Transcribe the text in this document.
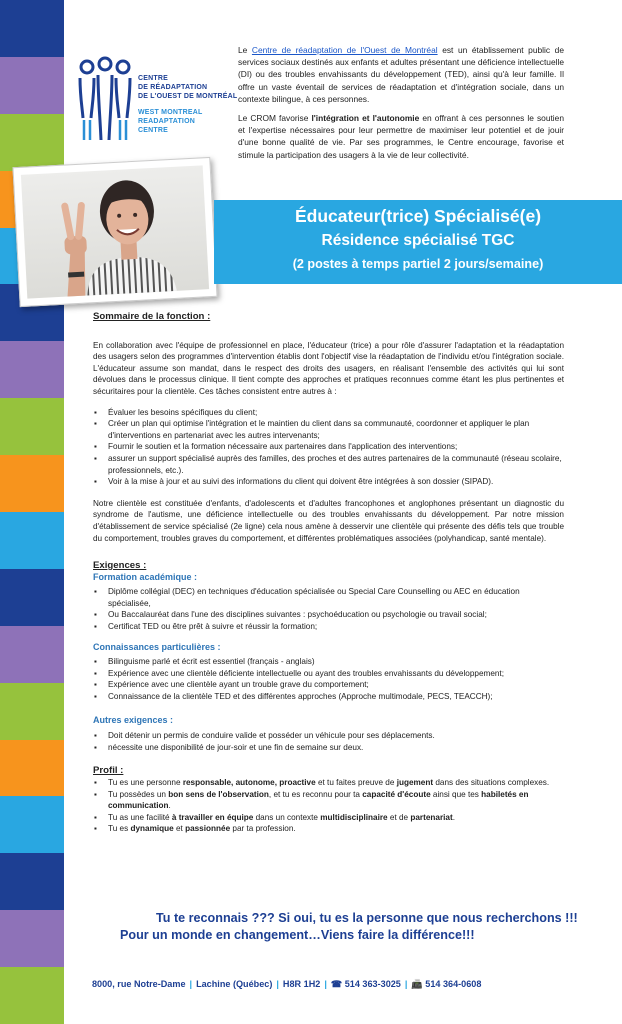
CENTRE
DE RÉADAPTATION
DE L'OUEST DE MONTRÉAL
WEST MONTREAL
READAPTATION
CENTRE

Le Centre de réadaptation de l'Ouest de Montréal est un établissement public de services sociaux destinés aux enfants et adultes présentant une déficience intellectuelle (DI) ou des troubles envahissants du développement (TED), ainsi qu'à leur famille. Il offre un vaste éventail de services de réadaptation et d'intégration sociale, dans un contexte bilingue, à ces personnes.

Le CROM favorise l'intégration et l'autonomie en offrant à ces personnes le soutien et l'expertise nécessaires pour leur permettre de maximiser leur potentiel et de jouir d'une bonne qualité de vie. Par ses programmes, le Centre encourage, favorise et stimule la participation des usagers à la vie de leur collectivité.

Éducateur(trice) Spécialisé(e)
Résidence spécialisé TGC
(2 postes à temps partiel 2 jours/semaine)
Sommaire de la fonction :
En collaboration avec l'équipe de professionnel en place, l'éducateur (trice) a pour rôle d'assurer l'adaptation et la réadaptation des usagers selon des programmes d'intervention établis dont l'objectif vise la réadaptation de l'individu et/ou l'intégration sociale. L'éducateur assume son mandat, dans le respect des droits des usagers, en réalisant l'ensemble des activités qui lui sont dévolues dans le processus clinique. Il tient compte des approches et pratiques reconnues comme étant les plus pertinentes et sécuritaires pour la clientèle. Ces tâches consistent entre autres à :
▪ Évaluer les besoins spécifiques du client;
▪ Créer un plan qui optimise l'intégration et le maintien du client dans sa communauté, coordonner et appliquer le plan d'interventions en partenariat avec les autres intervenants;
▪ Fournir le soutien et la formation nécessaire aux partenaires dans l'application des interventions;
▪ assurer un support spécialisé auprès des familles, des proches et des autres partenaires de la communauté (réseau scolaire, professionnels, etc.).
▪ Voir à la mise à jour et au suivi des informations du client qui doivent être intégrées à son dossier (SIPAD).
Notre clientèle est constituée d'enfants, d'adolescents et d'adultes francophones et anglophones présentant un diagnostic du syndrome de l'autisme, une déficience intellectuelle ou des troubles envahissants du développement. Par notre mission d'établissement de service spécialisé (2e ligne) cela nous amène à desservir une clientèle qui présente des défis tels que trouble du comportement, troubles graves du comportement, et différentes problématiques associées (polyhandicap, santé mentale).
Exigences :
Formation académique :
▪ Diplôme collégial (DEC) en techniques d'éducation spécialisée ou Special Care Counselling ou AEC en éducation spécialisée,
▪ Ou Baccalauréat dans l'une des disciplines suivantes : psychoéducation ou psychologie ou travail social;
▪ Certificat TED ou être prêt à suivre et réussir la formation;
Connaissances particulières :
▪ Bilinguisme parlé et écrit est essentiel (français - anglais)
▪ Expérience avec une clientèle déficiente intellectuelle ou ayant des troubles envahissants du développement;
▪ Expérience avec une clientèle ayant un trouble grave du comportement;
▪ Connaissance de la clientèle TED et des différentes approches (Approche multimodale, PECS, TEACCH);
Autres exigences :
▪ Doit détenir un permis de conduire valide et posséder un véhicule pour ses déplacements.
▪ nécessite une disponibilité de jour-soir et une fin de semaine sur deux.
Profil :
▪ Tu es une personne responsable, autonome, proactive et tu faites preuve de jugement dans des situations complexes.
▪ Tu possèdes un bon sens de l'observation, et tu es reconnu pour ta capacité d'écoute ainsi que tes habiletés en communication.
▪ Tu as une facilité à travailler en équipe dans un contexte multidisciplinaire et de partenariat.
▪ Tu es dynamique et passionnée par ta profession.
Tu te reconnais ??? Si oui, tu es la personne que nous recherchons !!!
Pour un monde en changement…Viens faire la différence!!!
8000, rue Notre-Dame | Lachine (Québec) | H8R 1H2 | ☎ 514 363-3025 | 📠 514 364-0608
